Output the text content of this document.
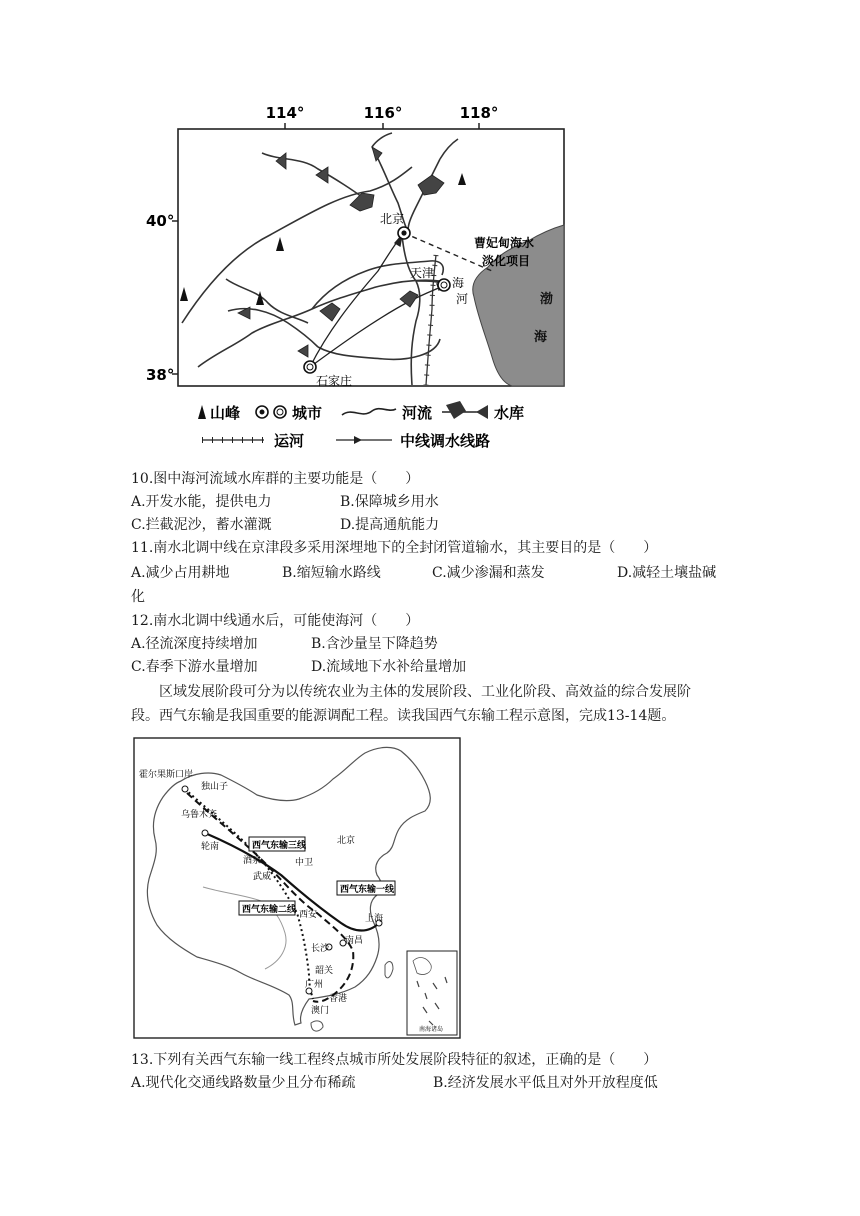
114°	116°	118°
40°
38°
渤
海
北京
天津
海
河
石家庄
曹妃甸海水
淡化项目
山峰	城市	河流	水库
运河	中线调水线路
10.图中海河流域水库群的主要功能是（　　）
A.开发水能，提供电力	B.保障城乡用水
C.拦截泥沙，蓄水灌溉	D.提高通航能力
11.南水北调中线在京津段多采用深埋地下的全封闭管道输水，其主要目的是（　　）
A.减少占用耕地	B.缩短输水路线	C.减少渗漏和蒸发	D.减轻土壤盐碱
化
12.南水北调中线通水后，可能使海河（　　）
A.径流深度持续增加	B.含沙量呈下降趋势
C.春季下游水量增加	D.流域地下水补给量增加
区域发展阶段可分为以传统农业为主体的发展阶段、工业化阶段、高效益的综合发展阶
段。西气东输是我国重要的能源调配工程。读我国西气东输工程示意图，完成13-14题。
霍尔果斯口岸
独山子
乌鲁木齐
轮南
酒泉
武威
中卫
西安
北京
上海
南昌
长沙
韶关
广州
香港
澳门
西气东输三线
西气东输一线
西气东输二线
南海诸岛
13.下列有关西气东输一线工程终点城市所处发展阶段特征的叙述，正确的是（　　）
A.现代化交通线路数量少且分布稀疏	B.经济发展水平低且对外开放程度低
